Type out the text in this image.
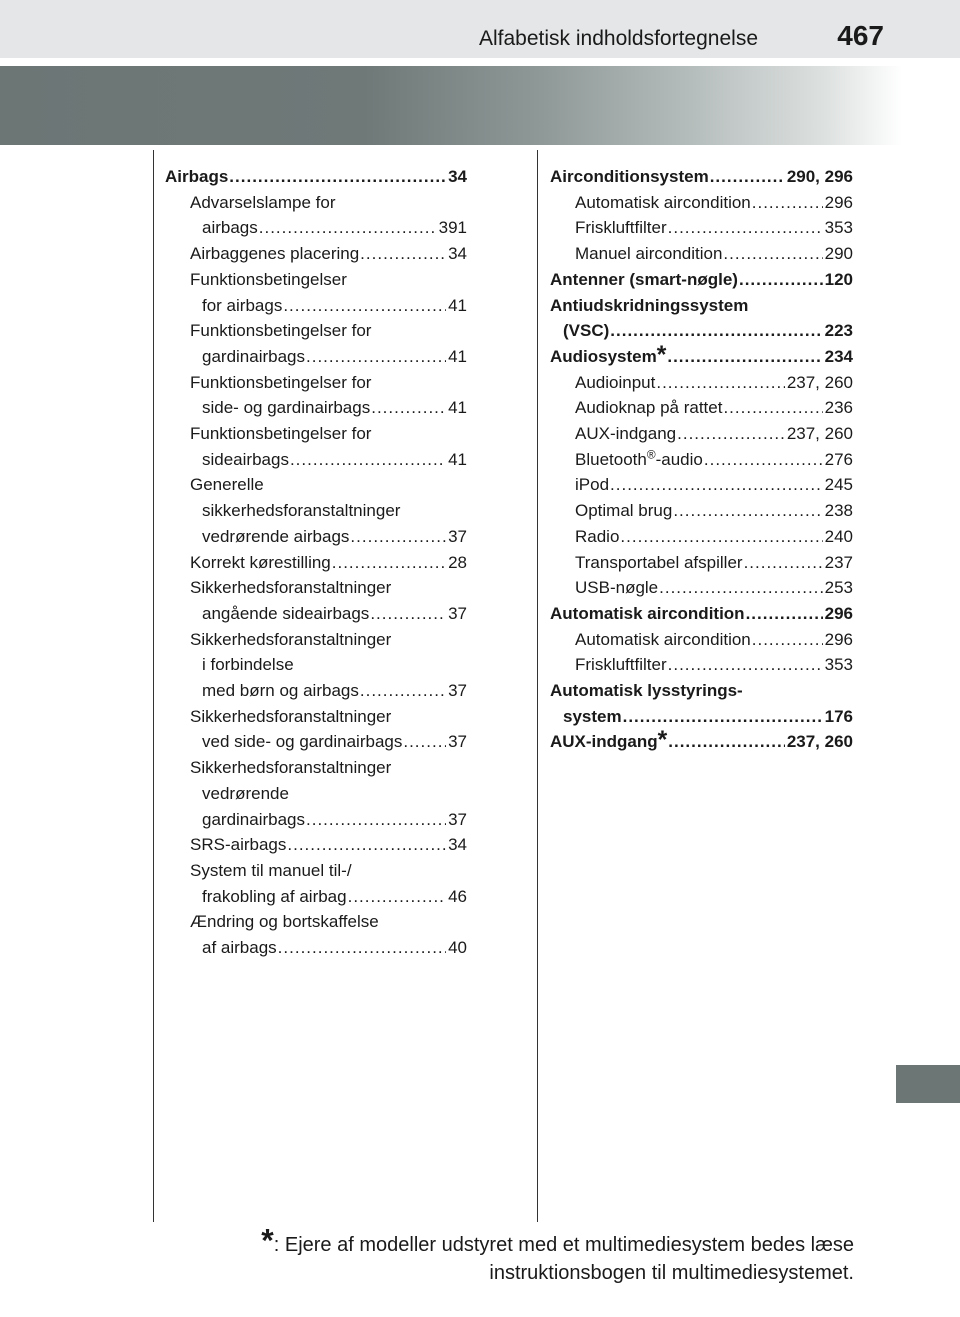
Alfabetisk indholdsfortegnelse	467
Airbags .....	34
Advarselslampe for
airbags .....	391
Airbaggenes placering .....	34
Funktionsbetingelser
for airbags .....	41
Funktionsbetingelser for
gardinairbags .....	41
Funktionsbetingelser for
side- og gardinairbags .....	41
Funktionsbetingelser for
sideairbags .....	41
Generelle
sikkerhedsforanstaltninger
vedrørende airbags .....	37
Korrekt kørestilling .....	28
Sikkerhedsforanstaltninger
angående sideairbags .....	37
Sikkerhedsforanstaltninger
i forbindelse
med børn og airbags .....	37
Sikkerhedsforanstaltninger
ved side- og gardinairbags .....	37
Sikkerhedsforanstaltninger
vedrørende
gardinairbags .....	37
SRS-airbags .....	34
System til manuel til-/
frakobling af airbag .....	46
Ændring og bortskaffelse
af airbags .....	40
Airconditionsystem .....	290, 296
Automatisk aircondition .....	296
Friskluftfilter .....	353
Manuel aircondition .....	290
Antenner (smart-nøgle) .....	120
Antiudskridningssystem
(VSC) .....	223
Audiosystem* .....	234
Audioinput .....	237, 260
Audioknap på rattet .....	236
AUX-indgang .....	237, 260
Bluetooth®-audio .....	276
iPod .....	245
Optimal brug .....	238
Radio .....	240
Transportabel afspiller .....	237
USB-nøgle .....	253
Automatisk aircondition .....	296
Automatisk aircondition .....	296
Friskluftfilter .....	353
Automatisk lysstyrings-
system .....	176
AUX-indgang* .....	237, 260
*: Ejere af modeller udstyret med et multimediesystem bedes læse
instruktionsbogen til multimediesystemet.
